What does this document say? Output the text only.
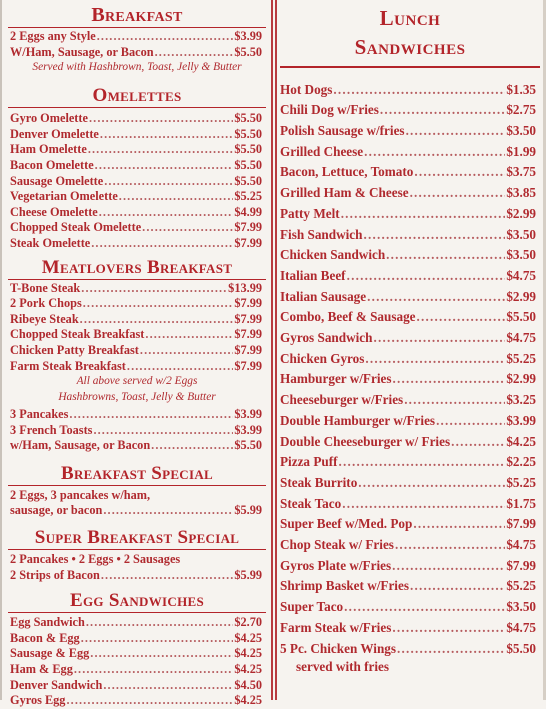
Breakfast
2 Eggs any Style .....	$3.99
W/Ham, Sausage, or Bacon .....	$5.50
Served with Hashbrown, Toast, Jelly & Butter
Omelettes
Gyro Omelette .....	$5.50
Denver Omelette .....	$5.50
Ham Omelette .....	$5.50
Bacon Omelette .....	$5.50
Sausage Omelette .....	$5.50
Vegetarian Omelette .....	$5.25
Cheese Omelette .....	$4.99
Chopped Steak Omelette .....	$7.99
Steak Omelette .....	$7.99
Meatlovers Breakfast
T-Bone Steak .....	$13.99
2 Pork Chops .....	$7.99
Ribeye Steak .....	$7.99
Chopped Steak Breakfast .....	$7.99
Chicken Patty Breakfast .....	$7.99
Farm Steak Breakfast .....	$7.99
All above served w/2 Eggs
Hashbrowns, Toast, Jelly & Butter
3 Pancakes .....	$3.99
3 French Toasts .....	$3.99
w/Ham, Sausage, or Bacon .....	$5.50
Breakfast Special
2 Eggs, 3 pancakes w/ham,
sausage, or bacon .....	$5.99
Super Breakfast Special
2 Pancakes • 2 Eggs • 2 Sausages
2 Strips of Bacon .....	$5.99
Egg Sandwiches
Egg Sandwich .....	$2.70
Bacon & Egg .....	$4.25
Sausage & Egg .....	$4.25
Ham & Egg .....	$4.25
Denver Sandwich .....	$4.50
Gyros Egg .....	$4.25
Lunch
Sandwiches
Hot Dogs .....	$1.35
Chili Dog w/Fries .....	$2.75
Polish Sausage w/fries .....	$3.50
Grilled Cheese .....	$1.99
Bacon, Lettuce, Tomato .....	$3.75
Grilled Ham & Cheese .....	$3.85
Patty Melt .....	$2.99
Fish Sandwich .....	$3.50
Chicken Sandwich .....	$3.50
Italian Beef .....	$4.75
Italian Sausage .....	$2.99
Combo, Beef & Sausage .....	$5.50
Gyros Sandwich .....	$4.75
Chicken Gyros .....	$5.25
Hamburger w/Fries .....	$2.99
Cheeseburger w/Fries .....	$3.25
Double Hamburger w/Fries .....	$3.99
Double Cheeseburger w/ Fries .....	$4.25
Pizza Puff .....	$2.25
Steak Burrito .....	$5.25
Steak Taco .....	$1.75
Super Beef w/Med. Pop .....	$7.99
Chop Steak w/ Fries .....	$4.75
Gyros Plate w/Fries .....	$7.99
Shrimp Basket w/Fries .....	$5.25
Super Taco .....	$3.50
Farm Steak w/Fries .....	$4.75
5 Pc. Chicken Wings .....	$5.50
served with fries
